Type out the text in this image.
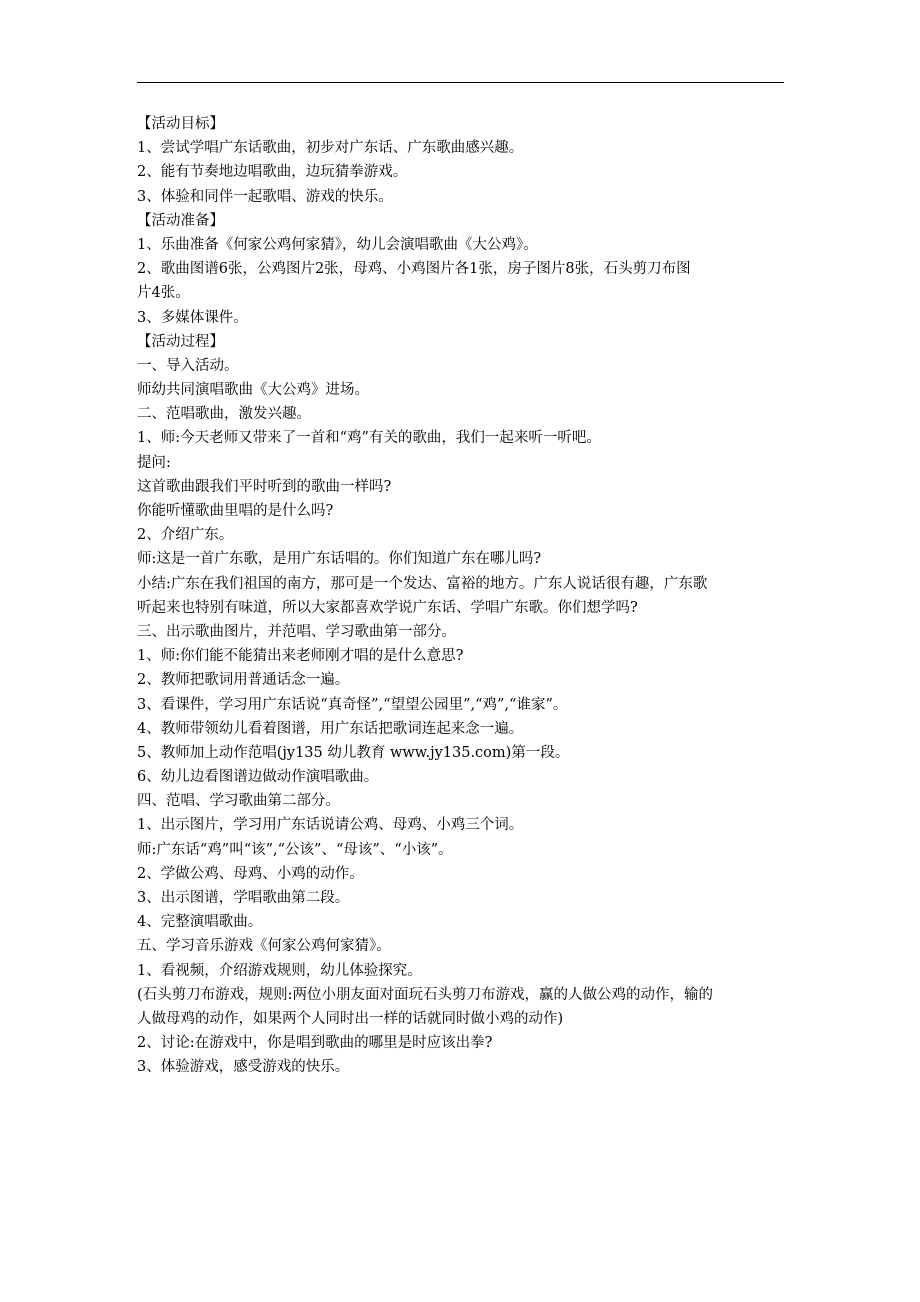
【活动目标】
1、尝试学唱广东话歌曲，初步对广东话、广东歌曲感兴趣。
2、能有节奏地边唱歌曲，边玩猜拳游戏。
3、体验和同伴一起歌唱、游戏的快乐。
【活动准备】
1、乐曲准备《何家公鸡何家猜》，幼儿会演唱歌曲《大公鸡》。
2、歌曲图谱6张，公鸡图片2张，母鸡、小鸡图片各1张，房子图片8张，石头剪刀布图
片4张。
3、多媒体课件。
【活动过程】
一、导入活动。
师幼共同演唱歌曲《大公鸡》进场。
二、范唱歌曲，激发兴趣。
1、师:今天老师又带来了一首和“鸡”有关的歌曲，我们一起来听一听吧。
提问:
这首歌曲跟我们平时听到的歌曲一样吗?
你能听懂歌曲里唱的是什么吗?
2、介绍广东。
师:这是一首广东歌，是用广东话唱的。你们知道广东在哪儿吗?
小结:广东在我们祖国的南方，那可是一个发达、富裕的地方。广东人说话很有趣，广东歌
听起来也特别有味道，所以大家都喜欢学说广东话、学唱广东歌。你们想学吗?
三、出示歌曲图片，并范唱、学习歌曲第一部分。
1、师:你们能不能猜出来老师刚才唱的是什么意思?
2、教师把歌词用普通话念一遍。
3、看课件，学习用广东话说“真奇怪”,“望望公园里”,“鸡”,“谁家”。
4、教师带领幼儿看着图谱，用广东话把歌词连起来念一遍。
5、教师加上动作范唱(jy135 幼儿教育 www.jy135.com)第一段。
6、幼儿边看图谱边做动作演唱歌曲。
四、范唱、学习歌曲第二部分。
1、出示图片，学习用广东话说请公鸡、母鸡、小鸡三个词。
师:广东话“鸡”叫“该”,“公该”、“母该”、“小该”。
2、学做公鸡、母鸡、小鸡的动作。
3、出示图谱，学唱歌曲第二段。
4、完整演唱歌曲。
五、学习音乐游戏《何家公鸡何家猜》。
1、看视频，介绍游戏规则，幼儿体验探究。
(石头剪刀布游戏，规则:两位小朋友面对面玩石头剪刀布游戏，赢的人做公鸡的动作，输的
人做母鸡的动作，如果两个人同时出一样的话就同时做小鸡的动作)
2、讨论:在游戏中，你是唱到歌曲的哪里是时应该出拳?
3、体验游戏，感受游戏的快乐。
